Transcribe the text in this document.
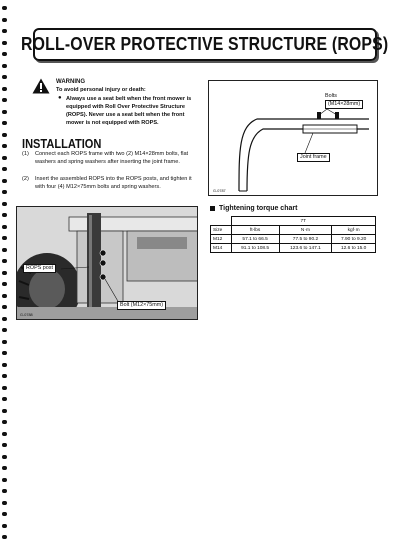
ROLL-OVER PROTECTIVE STRUCTURE (ROPS)
WARNING
To avoid personal injury or death:
● Always use a seat belt when the front mower is equipped with Roll Over Protective Structure (ROPS). Never use a seat belt when the front mower is not equipped with ROPS.

INSTALLATION
(1) Connect each ROPS frame with two (2) M14×28mm bolts, flat washers and spring washers after inserting the joint frame.
(2) Insert the assembled ROPS into the ROPS posts, and tighten it with four (4) M12×75mm bolts and spring washers.
Bolts
(M14×28mm)
Joint frame
G-0787
ROPS post
Bolt (M12×75mm)
G-0788
Tightening torque chart
	7T		
Size	ft-lbs	N·m	kgf·m
M12	57.1 to 66.5	77.5 to 90.2	7.90 to 9.20
M14	91.1 to 108.5	123.6 to 147.1	12.6 to 15.0
